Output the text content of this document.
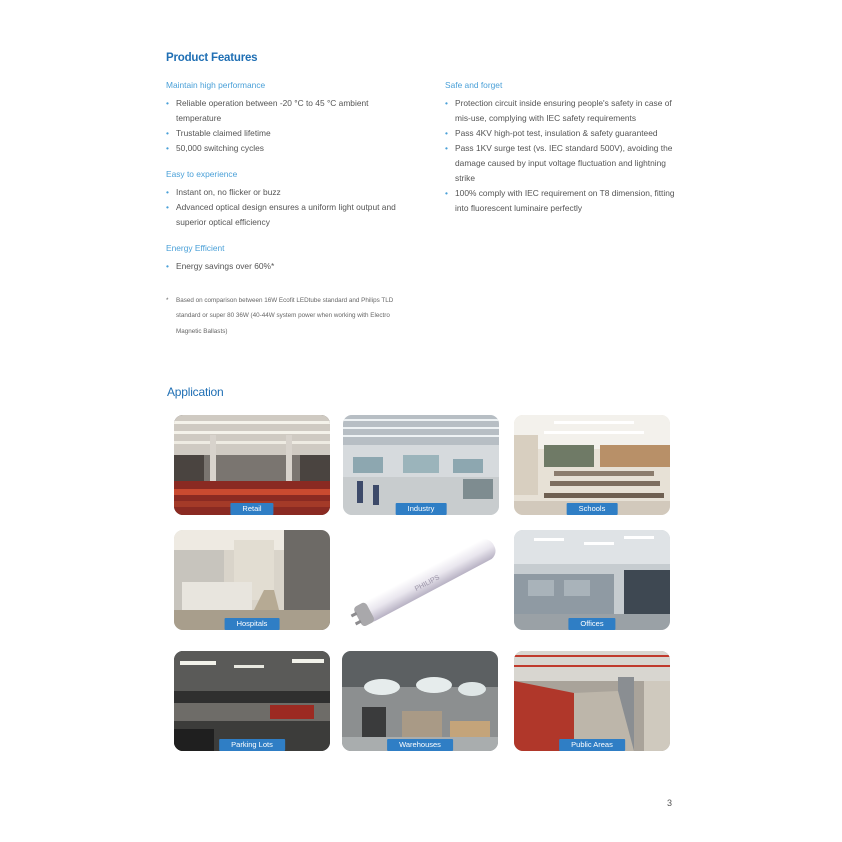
Product Features
Maintain high performance
• Reliable operation between -20 °C to 45 °C ambient temperature
• Trustable claimed lifetime
• 50,000 switching cycles
Easy to experience
• Instant on, no flicker or buzz
• Advanced optical design ensures a uniform light output and superior optical efficiency
Energy Efficient
• Energy savings over 60%*
Safe and forget
• Protection circuit inside ensuring people's safety in case of mis-use, complying with IEC safety requirements
• Pass 4KV high-pot test, insulation & safety guaranteed
• Pass 1KV surge test (vs. IEC standard 500V), avoiding the damage caused by input voltage fluctuation and lightning strike
• 100% comply with IEC requirement on T8 dimension, fitting into fluorescent luminaire perfectly
*	Based on comparison between 16W Ecofit LEDtube standard and Philips TLD standard or super 80 36W (40-44W system power when working with Electro Magnetic Ballasts)
Application
Retail	Industry	Schools
Hospitals	Offices
Parking Lots	Warehouses	Public Areas
PHILIPS
3
